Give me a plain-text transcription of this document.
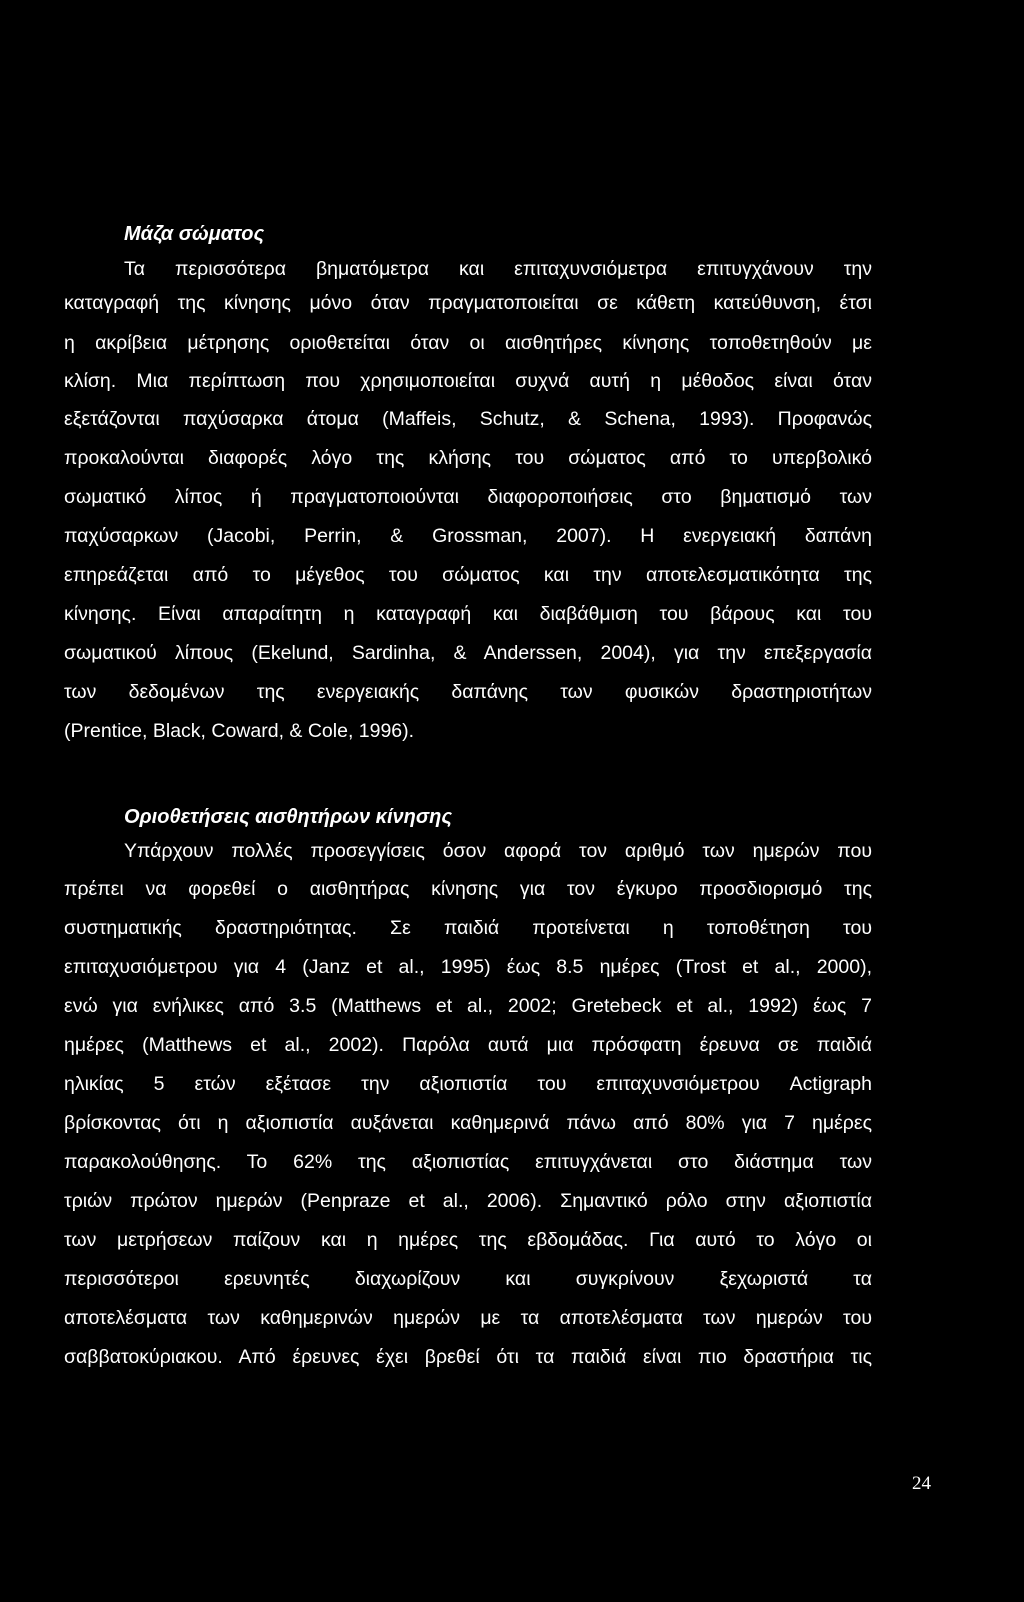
Μάζα σώματος
Τα περισσότερα βηματόμετρα και επιταχυνσιόμετρα επιτυγχάνουν την
καταγραφή της κίνησης μόνο όταν πραγματοποιείται σε κάθετη κατεύθυνση, έτσι
η ακρίβεια μέτρησης οριοθετείται όταν οι αισθητήρες κίνησης τοποθετηθούν με
κλίση. Μια περίπτωση που χρησιμοποιείται συχνά αυτή η μέθοδος είναι όταν
εξετάζονται παχύσαρκα άτομα (Maffeis, Schutz, & Schena, 1993). Προφανώς
προκαλούνται διαφορές λόγο της κλήσης του σώματος από το υπερβολικό
σωματικό λίπος ή πραγματοποιούνται διαφοροποιήσεις στο βηματισμό των
παχύσαρκων (Jacobi, Perrin, & Grossman, 2007). Η ενεργειακή δαπάνη
επηρεάζεται από το μέγεθος του σώματος και την αποτελεσματικότητα της
κίνησης. Είναι απαραίτητη η καταγραφή και διαβάθμιση του βάρους και του
σωματικού λίπους (Ekelund, Sardinha, & Anderssen, 2004), για την επεξεργασία
των δεδομένων της ενεργειακής δαπάνης των φυσικών δραστηριοτήτων
(Prentice, Black, Coward, & Cole, 1996).
Οριοθετήσεις αισθητήρων κίνησης
Υπάρχουν πολλές προσεγγίσεις όσον αφορά τον αριθμό των ημερών που
πρέπει να φορεθεί ο αισθητήρας κίνησης για τον έγκυρο προσδιορισμό της
συστηματικής δραστηριότητας. Σε παιδιά προτείνεται η τοποθέτηση του
επιταχυσιόμετρου για 4 (Janz et al., 1995) έως 8.5 ημέρες (Trost et al., 2000),
ενώ για ενήλικες από 3.5 (Matthews et al., 2002; Gretebeck et al., 1992) έως 7
ημέρες (Matthews et al., 2002). Παρόλα αυτά μια πρόσφατη έρευνα σε παιδιά
ηλικίας 5 ετών εξέτασε την αξιοπιστία του επιταχυνσιόμετρου Actigraph
βρίσκοντας ότι η αξιοπιστία αυξάνεται καθημερινά πάνω από 80% για 7 ημέρες
παρακολούθησης. Το 62% της αξιοπιστίας επιτυγχάνεται στο διάστημα των
τριών πρώτον ημερών (Penpraze et al., 2006). Σημαντικό ρόλο στην αξιοπιστία
των μετρήσεων παίζουν και η ημέρες της εβδομάδας. Για αυτό το λόγο οι
περισσότεροι ερευνητές διαχωρίζουν και συγκρίνουν ξεχωριστά τα
αποτελέσματα των καθημερινών ημερών με τα αποτελέσματα των ημερών του
σαββατοκύριακου. Από έρευνες έχει βρεθεί ότι τα παιδιά είναι πιο δραστήρια τις
24
